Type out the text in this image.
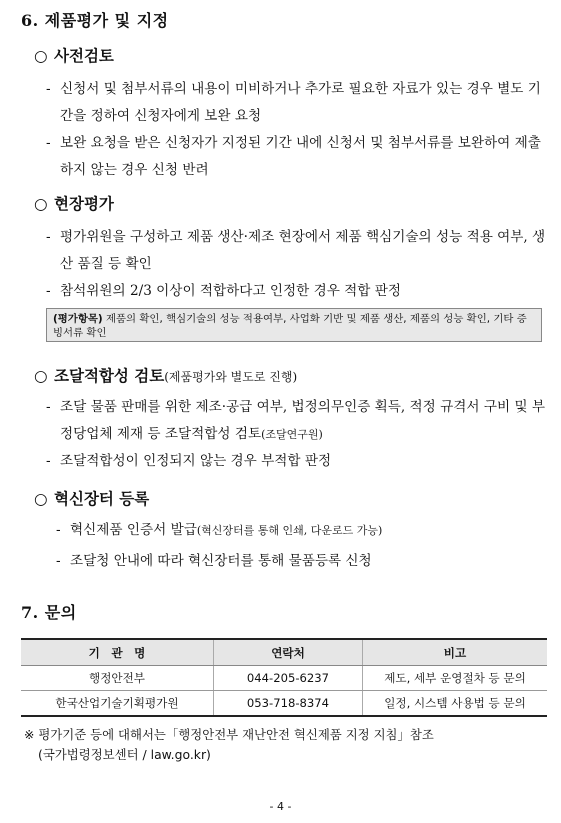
6. 제품평가 및 지정
○ 사전검토
- 신청서 및 첨부서류의 내용이 미비하거나 추가로 필요한 자료가 있는 경우 별도 기간을 정하여 신청자에게 보완 요청
- 보완 요청을 받은 신청자가 지정된 기간 내에 신청서 및 첨부서류를 보완하여 제출하지 않는 경우 신청 반려
○ 현장평가
- 평가위원을 구성하고 제품 생산·제조 현장에서 제품 핵심기술의 성능 적용 여부, 생산 품질 등 확인
- 참석위원의 2/3 이상이 적합하다고 인정한 경우 적합 판정
(평가항목) 제품의 확인, 핵심기술의 성능 적용여부, 사업화 기반 및 제품 생산, 제품의 성능 확인, 기타 증빙서류 확인
○ 조달적합성 검토(제품평가와 별도로 진행)
- 조달 물품 판매를 위한 제조·공급 여부, 법정의무인증 획득, 적정 규격서 구비 및 부정당업체 제재 등 조달적합성 검토(조달연구원)
- 조달적합성이 인정되지 않는 경우 부적합 판정
○ 혁신장터 등록
- 혁신제품 인증서 발급(혁신장터를 통해 인쇄, 다운로드 가능)
- 조달청 안내에 따라 혁신장터를 통해 물품등록 신청
7. 문의
기　관　명	연락처	비고
행정안전부	044-205-6237	제도, 세부 운영절차 등 문의
한국산업기술기획평가원	053-718-8374	일정, 시스템 사용법 등 문의
※ 평가기준 등에 대해서는「행정안전부 재난안전 혁신제품 지정 지침」참조
(국가법령정보센터 / law.go.kr)
- 4 -
